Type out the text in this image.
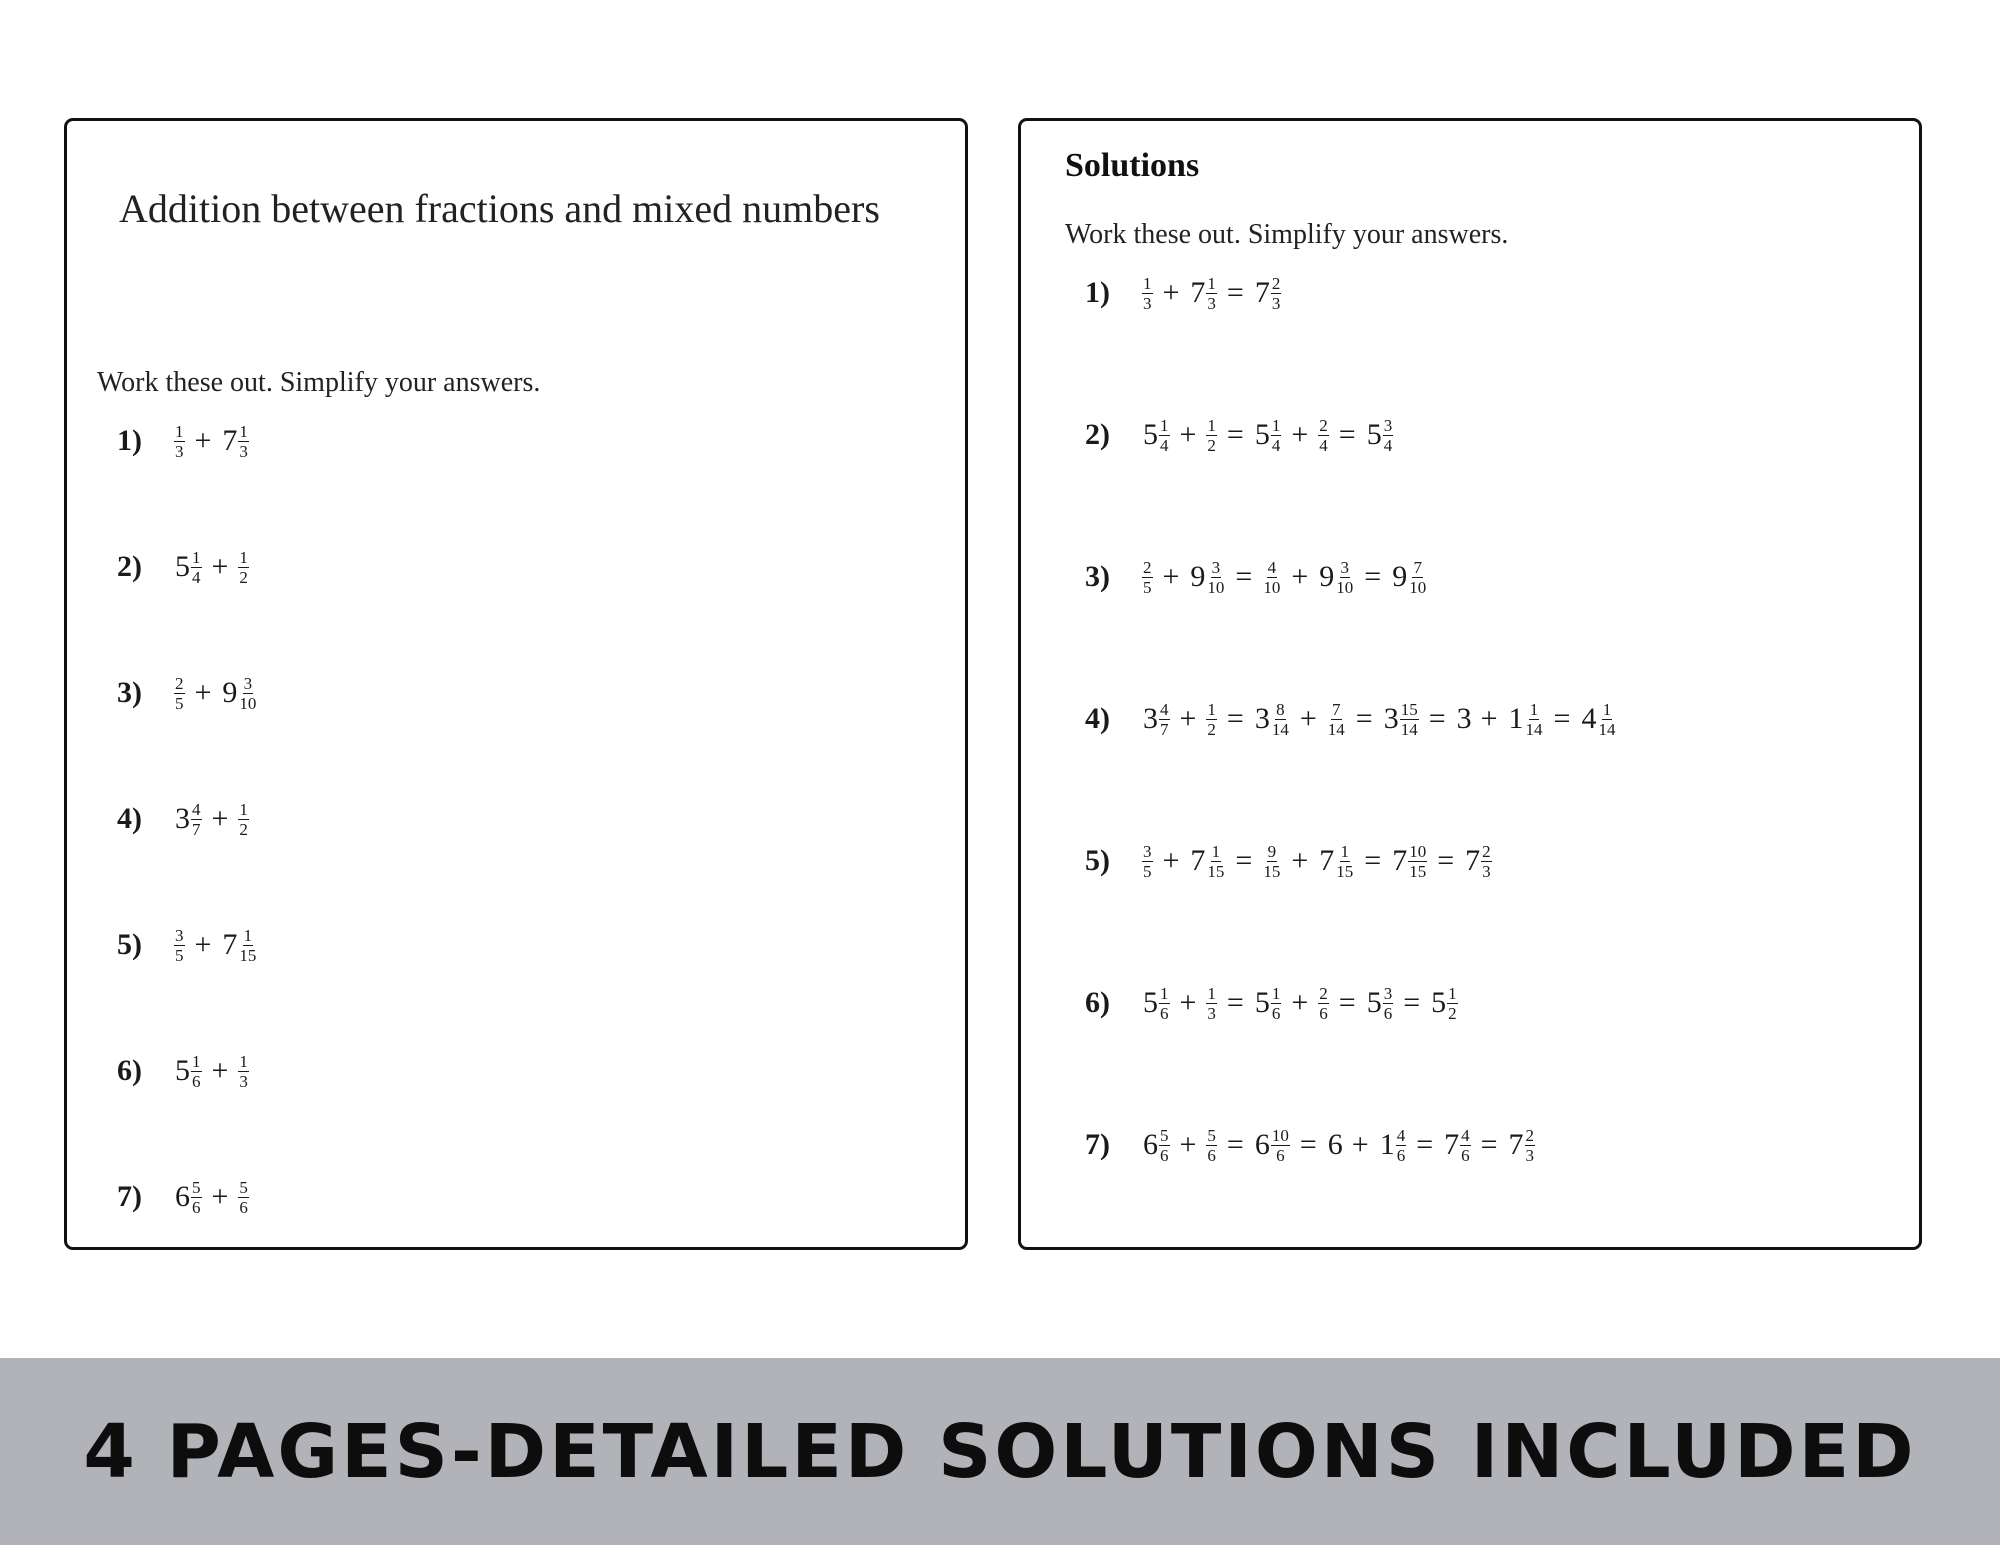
Addition between fractions and mixed numbers
Work these out. Simplify your answers.
1)	$\frac{1}{3} + 7 \frac{1}{3}$
2)	$5 \frac{1}{4} + \frac{1}{2}$
3)	$\frac{2}{5} + 9 \frac{3}{10}$
4)	$3 \frac{4}{7} + \frac{1}{2}$
5)	$\frac{3}{5} + 7 \frac{1}{15}$
6)	$5 \frac{1}{6} + \frac{1}{3}$
7)	$6 \frac{5}{6} + \frac{5}{6}$
Solutions
Work these out. Simplify your answers.
1)	$\frac{1}{3} + 7 \frac{1}{3} = 7 \frac{2}{3}$
2)	$5 \frac{1}{4} + \frac{1}{2} = 5 \frac{1}{4} + \frac{2}{4} = 5 \frac{3}{4}$
3)	$\frac{2}{5} + 9 \frac{3}{10} = \frac{4}{10} + 9 \frac{3}{10} = 9 \frac{7}{10}$
4)	$3 \frac{4}{7} + \frac{1}{2} = 3 \frac{8}{14} + \frac{7}{14} = 3 \frac{15}{14} = 3 + 1 \frac{1}{14} = 4 \frac{1}{14}$
5)	$\frac{3}{5} + 7 \frac{1}{15} = \frac{9}{15} + 7 \frac{1}{15} = 7 \frac{10}{15} = 7 \frac{2}{3}$
6)	$5 \frac{1}{6} + \frac{1}{3} = 5 \frac{1}{6} + \frac{2}{6} = 5 \frac{3}{6} = 5 \frac{1}{2}$
7)	$6 \frac{5}{6} + \frac{5}{6} = 6 \frac{10}{6} = 6 + 1 \frac{4}{6} = 7 \frac{4}{6} = 7 \frac{2}{3}$
4 PAGES-DETAILED SOLUTIONS INCLUDED
